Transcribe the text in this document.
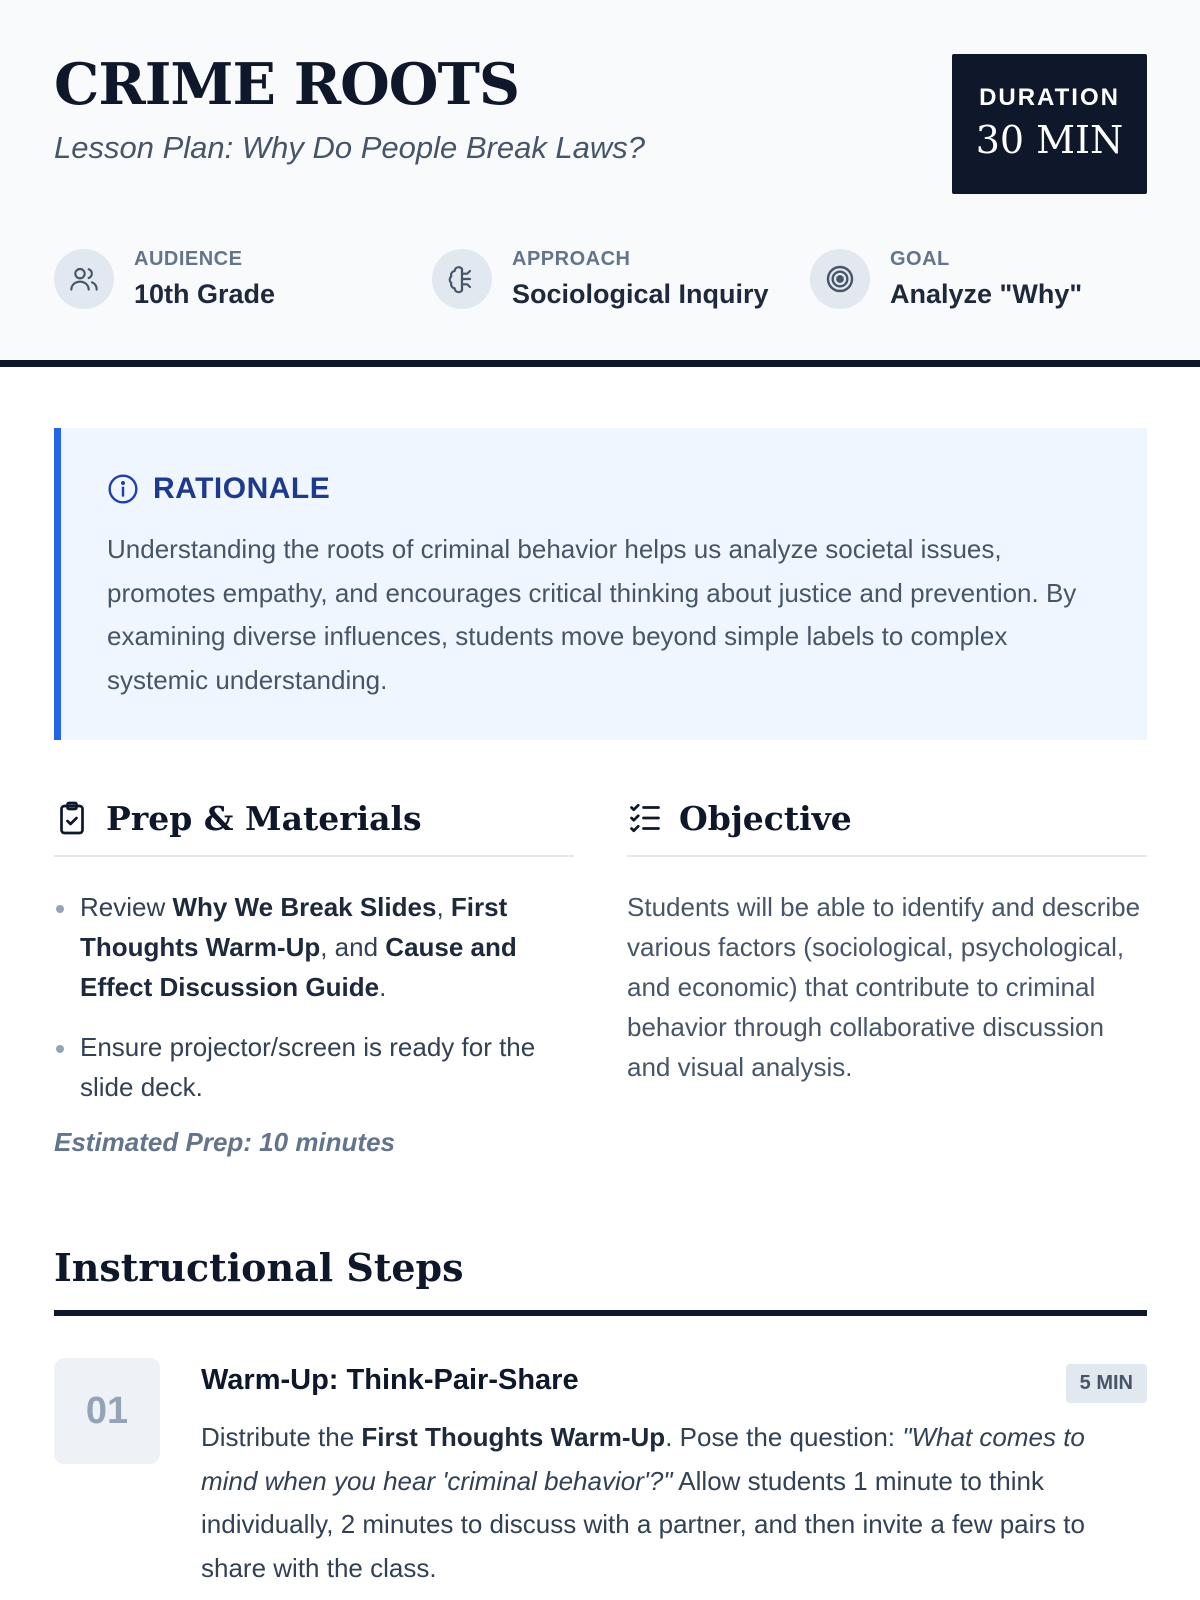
CRIME ROOTS
Lesson Plan: Why Do People Break Laws?
DURATION
30 MIN
AUDIENCE
10th Grade
APPROACH
Sociological Inquiry
GOAL
Analyze "Why"
RATIONALE

Understanding the roots of criminal behavior helps us analyze societal issues, promotes empathy, and encourages critical thinking about justice and prevention. By examining diverse influences, students move beyond simple labels to complex systemic understanding.

Prep & Materials
Review Why We Break Slides, First Thoughts Warm-Up, and Cause and Effect Discussion Guide.
Ensure projector/screen is ready for the slide deck.
Estimated Prep: 10 minutes
Objective

Students will be able to identify and describe various factors (sociological, psychological, and economic) that contribute to criminal behavior through collaborative discussion and visual analysis.

Instructional Steps
01
Warm-Up: Think-Pair-Share	5 MIN

Distribute the First Thoughts Warm-Up. Pose the question: "What comes to mind when you hear 'criminal behavior'?" Allow students 1 minute to think individually, 2 minutes to discuss with a partner, and then invite a few pairs to share with the class.
